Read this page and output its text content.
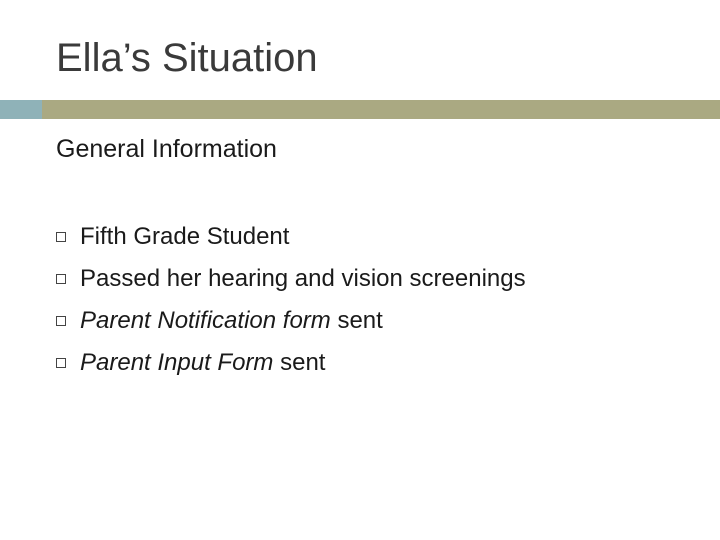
Ella’s Situation
General Information
Fifth Grade Student
Passed her hearing and vision screenings
Parent Notification form sent
Parent Input Form sent
